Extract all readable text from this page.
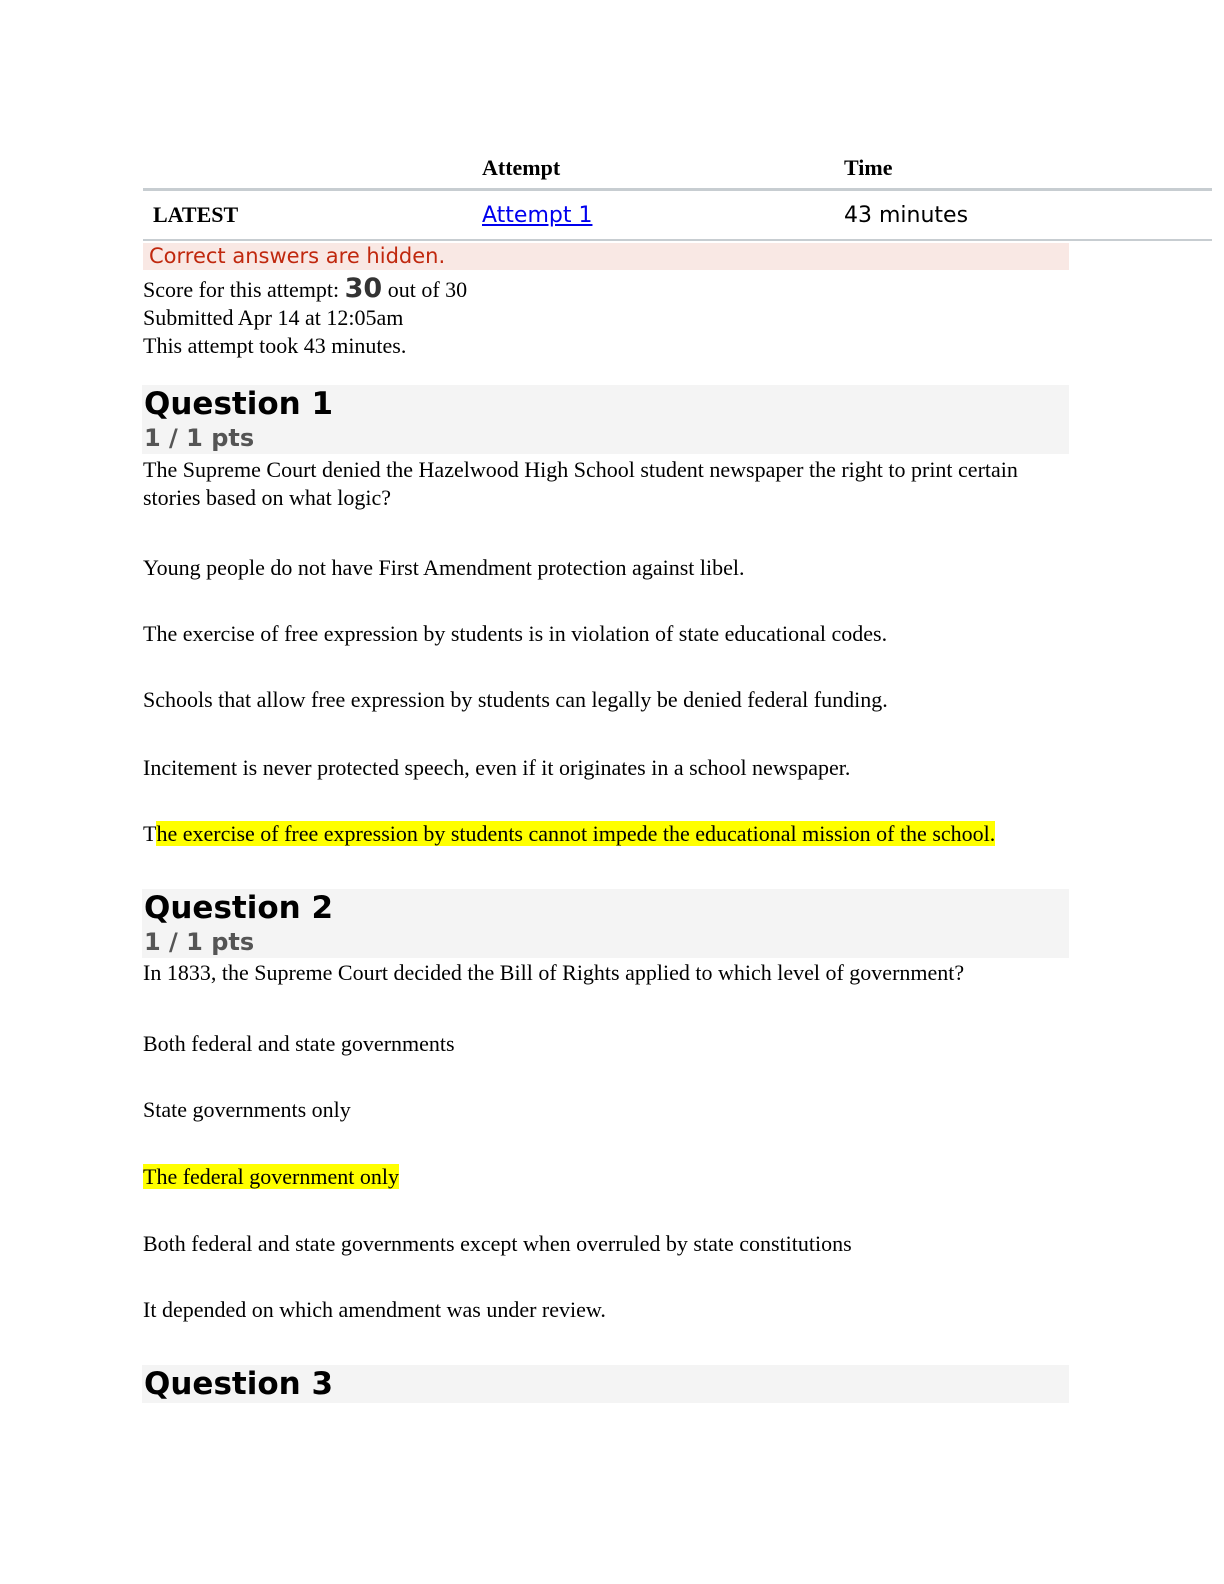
	Attempt	Time
LATEST	Attempt 1	43 minutes
Correct answers are hidden.
Score for this attempt: 30 out of 30
Submitted Apr 14 at 12:05am
This attempt took 43 minutes.
Question 1
1 / 1 pts
The Supreme Court denied the Hazelwood High School student newspaper the right to print certain stories based on what logic?
Young people do not have First Amendment protection against libel.
The exercise of free expression by students is in violation of state educational codes.
Schools that allow free expression by students can legally be denied federal funding.
Incitement is never protected speech, even if it originates in a school newspaper.
The exercise of free expression by students cannot impede the educational mission of the school.
Question 2
1 / 1 pts
In 1833, the Supreme Court decided the Bill of Rights applied to which level of government?
Both federal and state governments
State governments only
The federal government only
Both federal and state governments except when overruled by state constitutions
It depended on which amendment was under review.
Question 3
